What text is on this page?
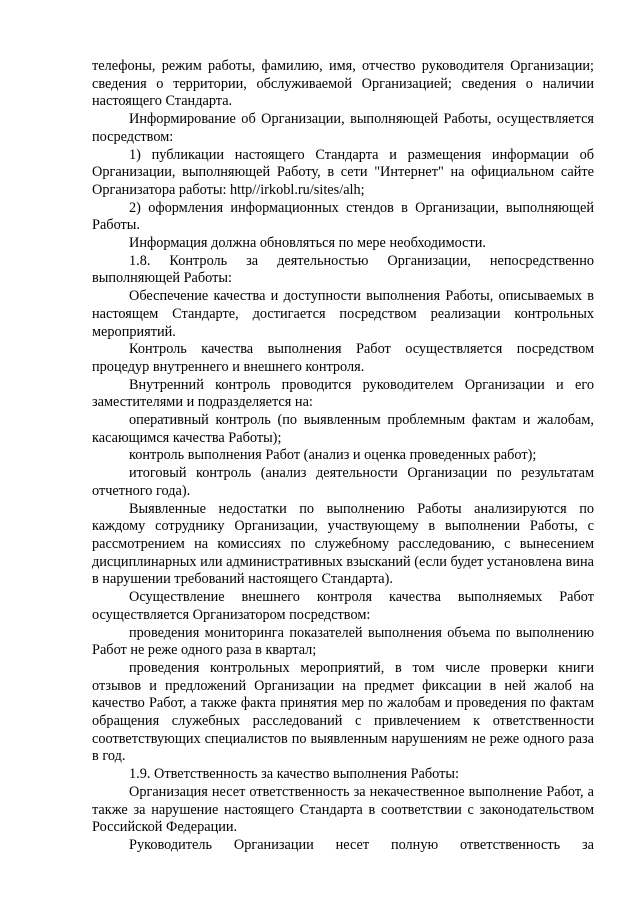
телефоны, режим работы, фамилию, имя, отчество руководителя Организации; сведения о территории, обслуживаемой Организацией; сведения о наличии настоящего Стандарта.

Информирование об Организации, выполняющей Работы, осуществляется посредством:

1) публикации настоящего Стандарта и размещения информации об Организации, выполняющей Работу, в сети "Интернет" на официальном сайте Организатора работы: http//irkobl.ru/sites/alh;

2) оформления информационных стендов в Организации, выполняющей Работы.

Информация должна обновляться по мере необходимости.

1.8. Контроль за деятельностью Организации, непосредственно выполняющей Работы:

Обеспечение качества и доступности выполнения Работы, описываемых в настоящем Стандарте, достигается посредством реализации контрольных мероприятий.

Контроль качества выполнения Работ осуществляется посредством процедур внутреннего и внешнего контроля.

Внутренний контроль проводится руководителем Организации и его заместителями и подразделяется на:

оперативный контроль (по выявленным проблемным фактам и жалобам, касающимся качества Работы);

контроль выполнения Работ (анализ и оценка проведенных работ);

итоговый контроль (анализ деятельности Организации по результатам отчетного года).

Выявленные недостатки по выполнению Работы анализируются по каждому сотруднику Организации, участвующему в выполнении Работы, с рассмотрением на комиссиях по служебному расследованию, с вынесением дисциплинарных или административных взысканий (если будет установлена вина в нарушении требований настоящего Стандарта).

Осуществление внешнего контроля качества выполняемых Работ осуществляется Организатором посредством:

проведения мониторинга показателей выполнения объема по выполнению Работ не реже одного раза в квартал;

проведения контрольных мероприятий, в том числе проверки книги отзывов и предложений Организации на предмет фиксации в ней жалоб на качество Работ, а также факта принятия мер по жалобам и проведения по фактам обращения служебных расследований с привлечением к ответственности соответствующих специалистов по выявленным нарушениям не реже одного раза в год.

1.9. Ответственность за качество выполнения Работы:

Организация несет ответственность за некачественное выполнение Работ, а также за нарушение настоящего Стандарта в соответствии с законодательством Российской Федерации.

Руководитель Организации несет полную ответственность за
